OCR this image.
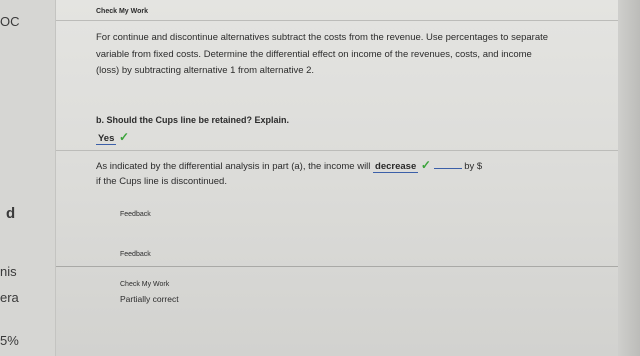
OC
d
nis
era
5%
Check My Work
For continue and discontinue alternatives subtract the costs from the revenue. Use percentages to separate
variable from fixed costs. Determine the differential effect on income of the revenues, costs, and income
(loss) by subtracting alternative 1 from alternative 2.
b. Should the Cups line be retained? Explain.
Yes ✓
As indicated by the differential analysis in part (a), the income will decrease ✓	by $
if the Cups line is discontinued.
Feedback
Feedback
Check My Work
Partially correct
